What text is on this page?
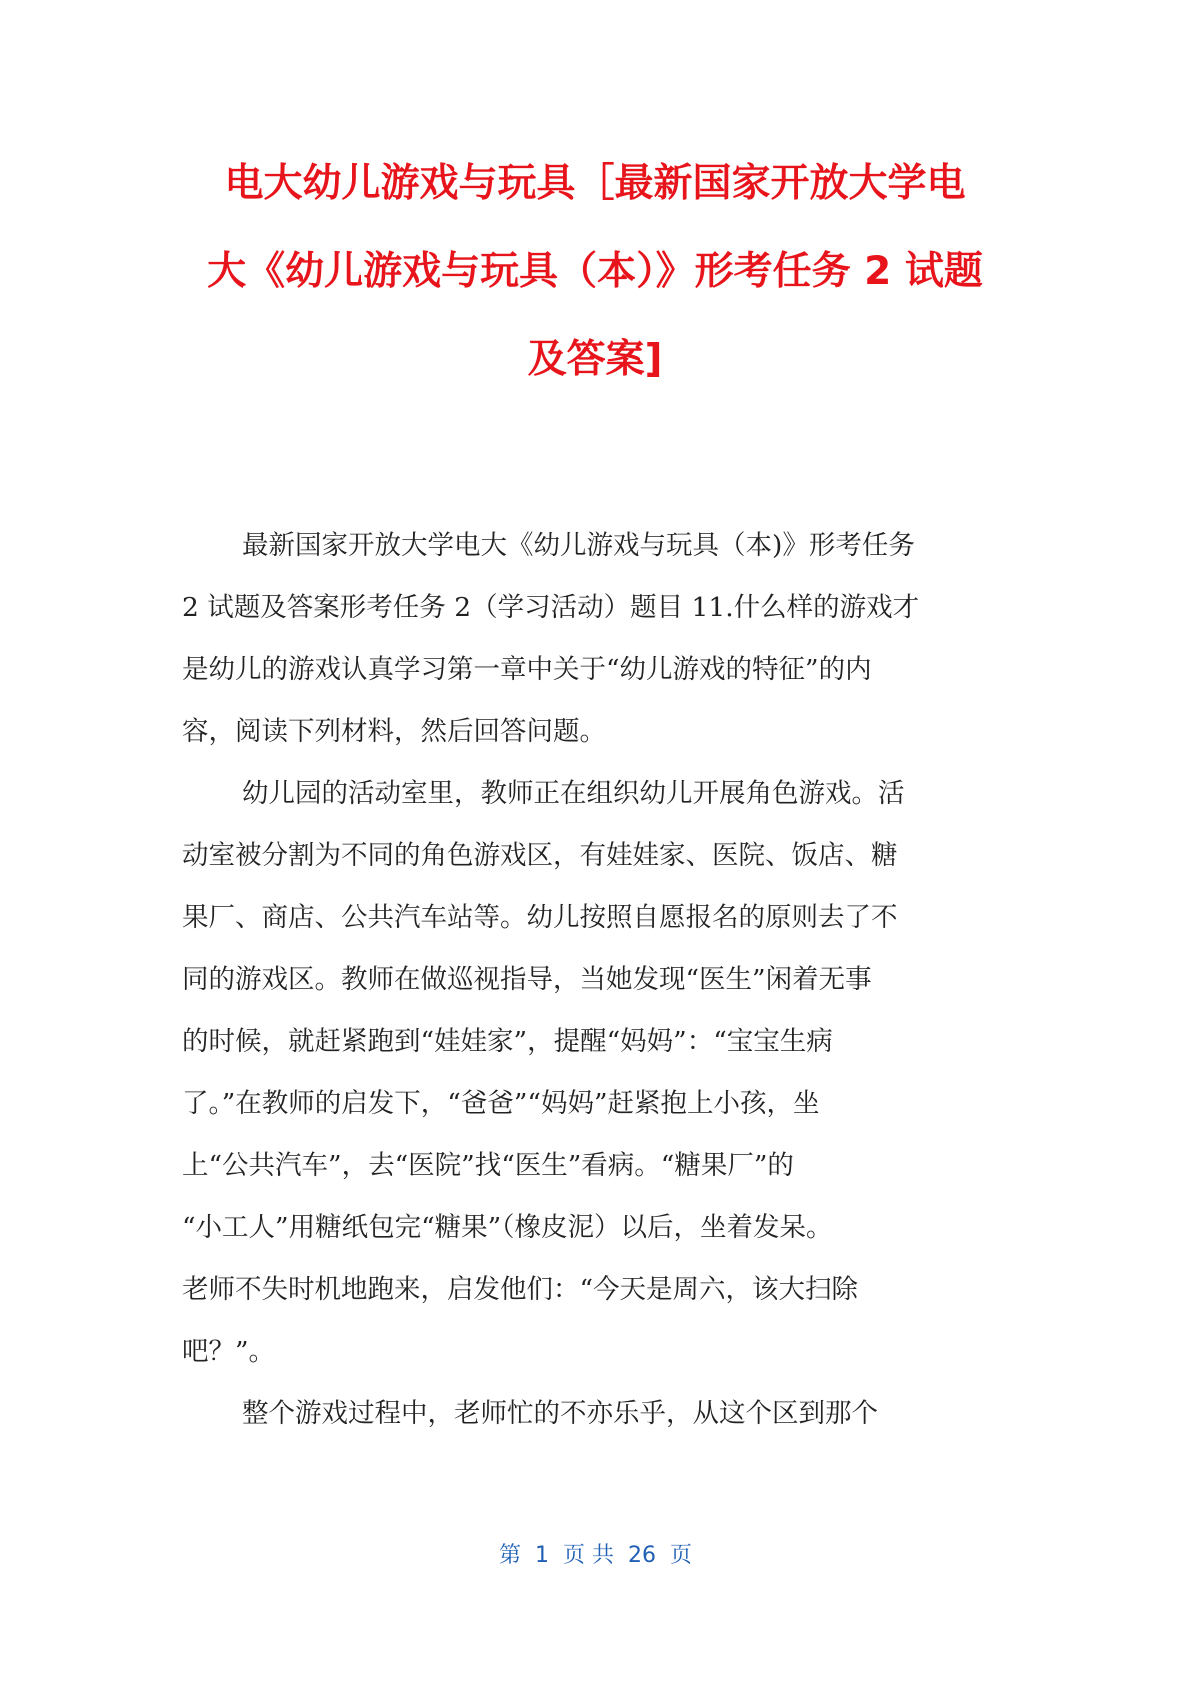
电大幼儿游戏与玩具［最新国家开放大学电
大《幼儿游戏与玩具（本）》形考任务 2 试题
及答案]
最新国家开放大学电大《幼儿游戏与玩具（本)》形考任务
2 试题及答案形考任务 2（学习活动）题目 11.什么样的游戏才
是幼儿的游戏认真学习第一章中关于“幼儿游戏的特征”的内
容，阅读下列材料，然后回答问题。
幼儿园的活动室里，教师正在组织幼儿开展角色游戏。活
动室被分割为不同的角色游戏区，有娃娃家、医院、饭店、糖
果厂、商店、公共汽车站等。幼儿按照自愿报名的原则去了不
同的游戏区。教师在做巡视指导，当她发现“医生”闲着无事
的时候，就赶紧跑到“娃娃家”，提醒“妈妈”：“宝宝生病
了。”在教师的启发下，“爸爸”“妈妈”赶紧抱上小孩，坐
上“公共汽车”，去“医院”找“医生”看病。“糖果厂”的
“小工人”用糖纸包完“糖果”（橡皮泥）以后，坐着发呆。
老师不失时机地跑来，启发他们：“今天是周六，该大扫除
吧？”。
整个游戏过程中，老师忙的不亦乐乎，从这个区到那个
第  1  页 共  26  页
